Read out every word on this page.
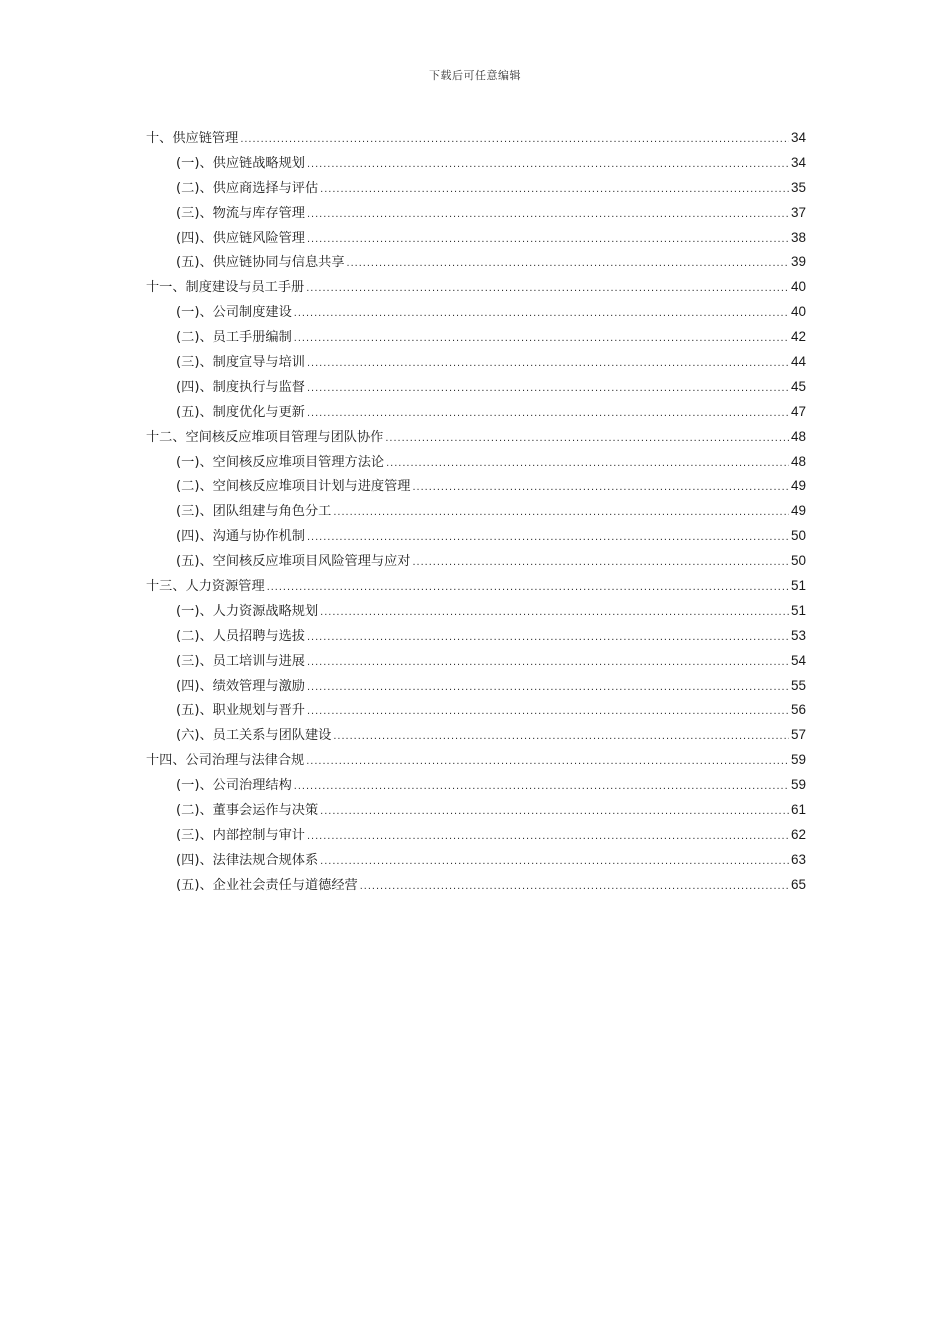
下载后可任意编辑
十、供应链管理 .....	34
(一)、供应链战略规划 .....	34
(二)、供应商选择与评估 .....	35
(三)、物流与库存管理 .....	37
(四)、供应链风险管理 .....	38
(五)、供应链协同与信息共享 .....	39
十一、制度建设与员工手册 .....	40
(一)、公司制度建设 .....	40
(二)、员工手册编制 .....	42
(三)、制度宣导与培训 .....	44
(四)、制度执行与监督 .....	45
(五)、制度优化与更新 .....	47
十二、空间核反应堆项目管理与团队协作 .....	48
(一)、空间核反应堆项目管理方法论 .....	48
(二)、空间核反应堆项目计划与进度管理 .....	49
(三)、团队组建与角色分工 .....	49
(四)、沟通与协作机制 .....	50
(五)、空间核反应堆项目风险管理与应对 .....	50
十三、人力资源管理 .....	51
(一)、人力资源战略规划 .....	51
(二)、人员招聘与选拔 .....	53
(三)、员工培训与进展 .....	54
(四)、绩效管理与激励 .....	55
(五)、职业规划与晋升 .....	56
(六)、员工关系与团队建设 .....	57
十四、公司治理与法律合规 .....	59
(一)、公司治理结构 .....	59
(二)、董事会运作与决策 .....	61
(三)、内部控制与审计 .....	62
(四)、法律法规合规体系 .....	63
(五)、企业社会责任与道德经营 .....	65
